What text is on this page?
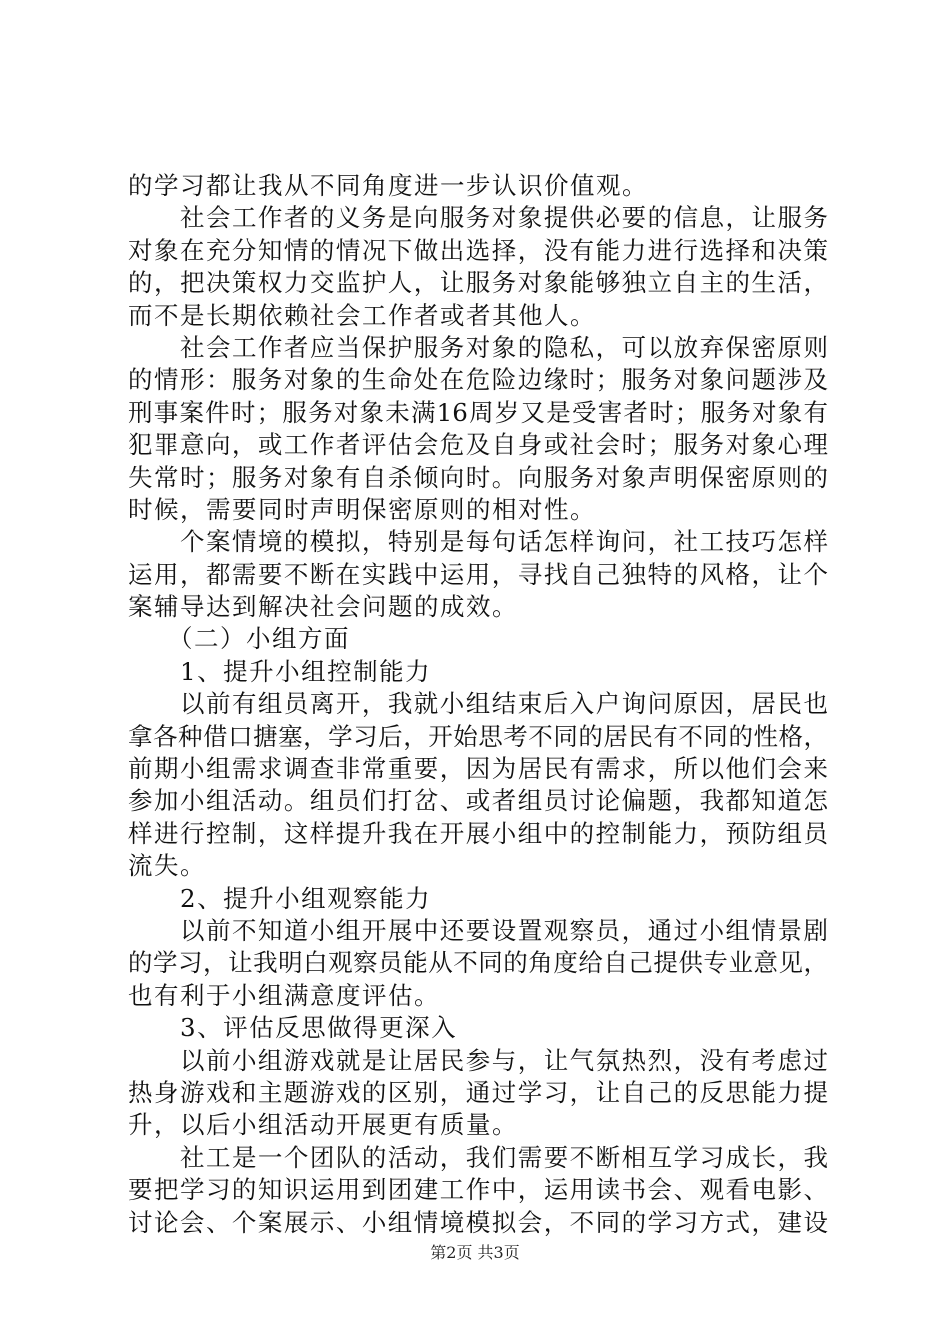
的学习都让我从不同角度进一步认识价值观。
社会工作者的义务是向服务对象提供必要的信息，让服务
对象在充分知情的情况下做出选择，没有能力进行选择和决策
的，把决策权力交监护人，让服务对象能够独立自主的生活，
而不是长期依赖社会工作者或者其他人。
社会工作者应当保护服务对象的隐私，可以放弃保密原则
的情形：服务对象的生命处在危险边缘时；服务对象问题涉及
刑事案件时；服务对象未满16周岁又是受害者时；服务对象有
犯罪意向，或工作者评估会危及自身或社会时；服务对象心理
失常时；服务对象有自杀倾向时。向服务对象声明保密原则的
时候，需要同时声明保密原则的相对性。
个案情境的模拟，特别是每句话怎样询问，社工技巧怎样
运用，都需要不断在实践中运用，寻找自己独特的风格，让个
案辅导达到解决社会问题的成效。
（二）小组方面
1、提升小组控制能力
以前有组员离开，我就小组结束后入户询问原因，居民也
拿各种借口搪塞，学习后，开始思考不同的居民有不同的性格，
前期小组需求调查非常重要，因为居民有需求，所以他们会来
参加小组活动。组员们打岔、或者组员讨论偏题，我都知道怎
样进行控制，这样提升我在开展小组中的控制能力，预防组员
流失。
2、提升小组观察能力
以前不知道小组开展中还要设置观察员，通过小组情景剧
的学习，让我明白观察员能从不同的角度给自己提供专业意见，
也有利于小组满意度评估。
3、评估反思做得更深入
以前小组游戏就是让居民参与，让气氛热烈，没有考虑过
热身游戏和主题游戏的区别，通过学习，让自己的反思能力提
升，以后小组活动开展更有质量。
社工是一个团队的活动，我们需要不断相互学习成长，我
要把学习的知识运用到团建工作中，运用读书会、观看电影、
讨论会、个案展示、小组情境模拟会，不同的学习方式，建设
第2页 共3页
